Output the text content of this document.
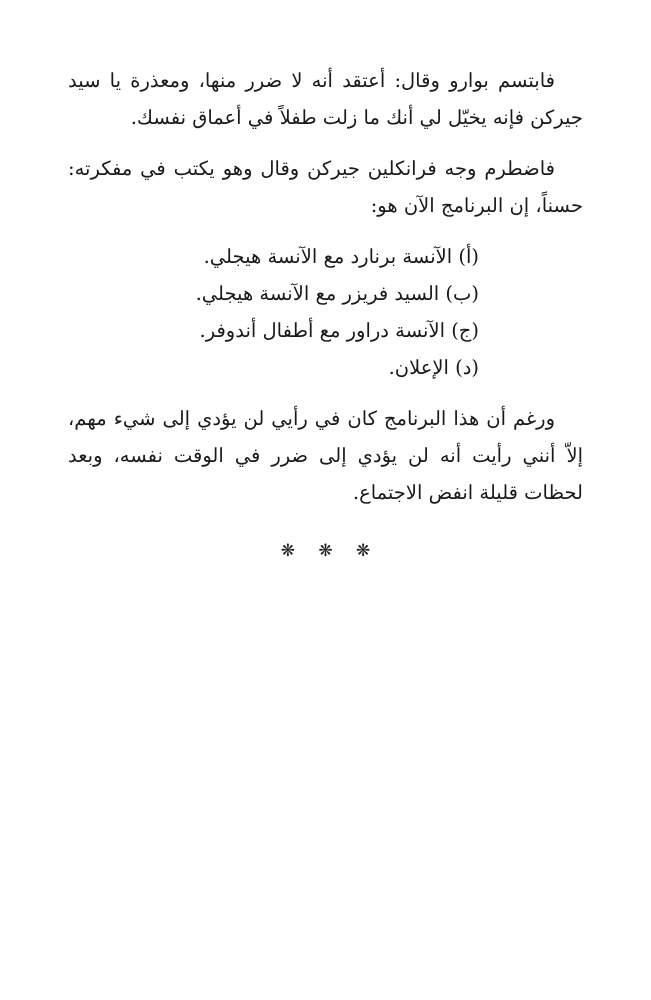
فابتسم بوارو وقال: أعتقد أنه لا ضرر منها، ومعذرة يا سيد جيركن فإنه يخيّل لي أنك ما زلت طفلاً في أعماق نفسك.

فاضطرم وجه فرانكلين جيركن وقال وهو يكتب في مفكرته: حسناً، إن البرنامج الآن هو:

(أ) الآنسة برنارد مع الآنسة هيجلي.
(ب) السيد فريزر مع الآنسة هيجلي.
(ج) الآنسة دراور مع أطفال أندوفر.
(د) الإعلان.

ورغم أن هذا البرنامج كان في رأيي لن يؤدي إلى شيء مهم، إلاّ أنني رأيت أنه لن يؤدي إلى ضرر في الوقت نفسه، وبعد لحظات قليلة انفض الاجتماع.

❋ ❋ ❋
